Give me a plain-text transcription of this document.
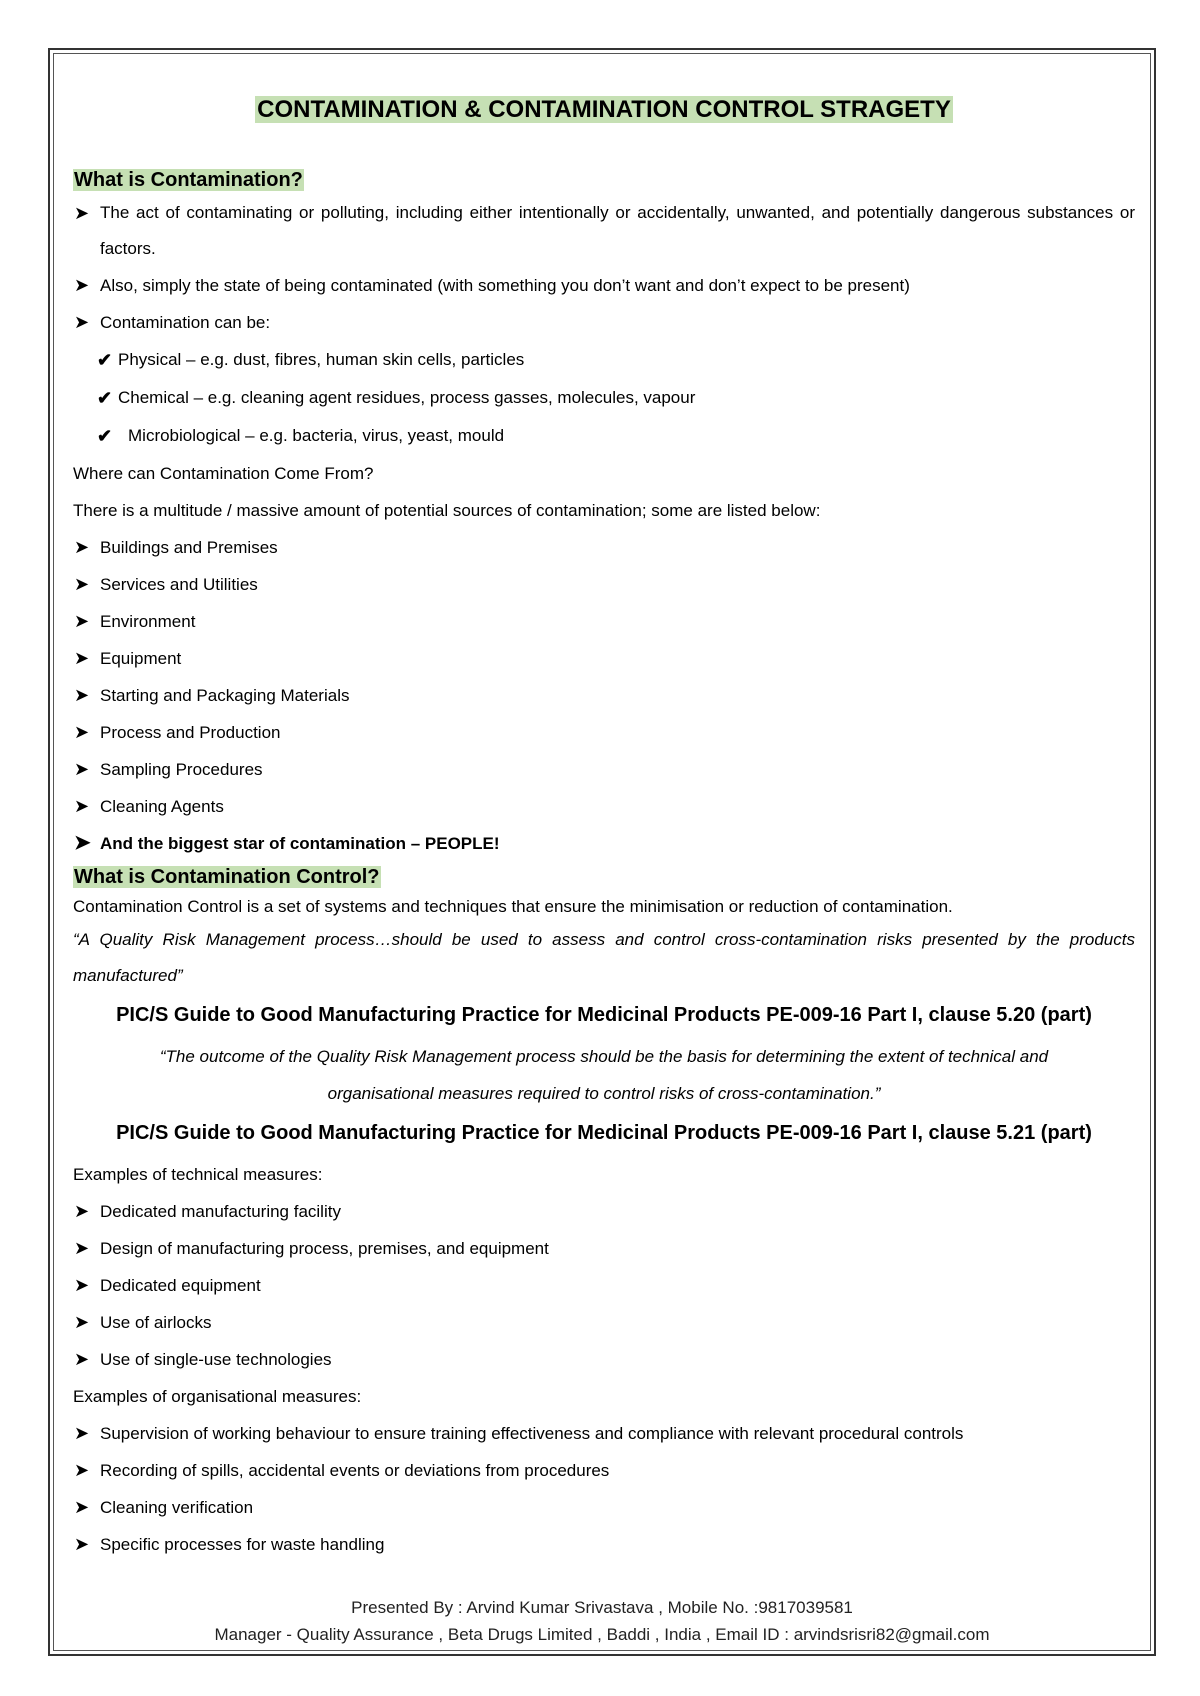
CONTAMINATION & CONTAMINATION CONTROL STRAGETY

What is Contamination?

➤ The act of contaminating or polluting, including either intentionally or accidentally, unwanted, and potentially dangerous substances or factors.
➤ Also, simply the state of being contaminated (with something you don’t want and don’t expect to be present)
➤ Contamination can be:
✔ Physical – e.g. dust, fibres, human skin cells, particles
✔ Chemical – e.g. cleaning agent residues, process gasses, molecules, vapour
✔ Microbiological – e.g. bacteria, virus, yeast, mould

Where can Contamination Come From?

There is a multitude / massive amount of potential sources of contamination; some are listed below:

➤ Buildings and Premises
➤ Services and Utilities
➤ Environment
➤ Equipment
➤ Starting and Packaging Materials
➤ Process and Production
➤ Sampling Procedures
➤ Cleaning Agents
➤ And the biggest star of contamination – PEOPLE!

What is Contamination Control?

Contamination Control is a set of systems and techniques that ensure the minimisation or reduction of contamination.

“A Quality Risk Management process…should be used to assess and control cross-contamination risks presented by the products manufactured”

PIC/S Guide to Good Manufacturing Practice for Medicinal Products PE-009-16 Part I, clause 5.20 (part)

“The outcome of the Quality Risk Management process should be the basis for determining the extent of technical and

organisational measures required to control risks of cross-contamination.”

PIC/S Guide to Good Manufacturing Practice for Medicinal Products PE-009-16 Part I, clause 5.21 (part)

Examples of technical measures:

➤ Dedicated manufacturing facility
➤ Design of manufacturing process, premises, and equipment
➤ Dedicated equipment
➤ Use of airlocks
➤ Use of single-use technologies

Examples of organisational measures:

➤ Supervision of working behaviour to ensure training effectiveness and compliance with relevant procedural controls
➤ Recording of spills, accidental events or deviations from procedures
➤ Cleaning verification
➤ Specific processes for waste handling
Presented By : Arvind Kumar Srivastava , Mobile No. :9817039581
Manager - Quality Assurance , Beta Drugs Limited , Baddi , India , Email ID : arvindsrisri82@gmail.com
